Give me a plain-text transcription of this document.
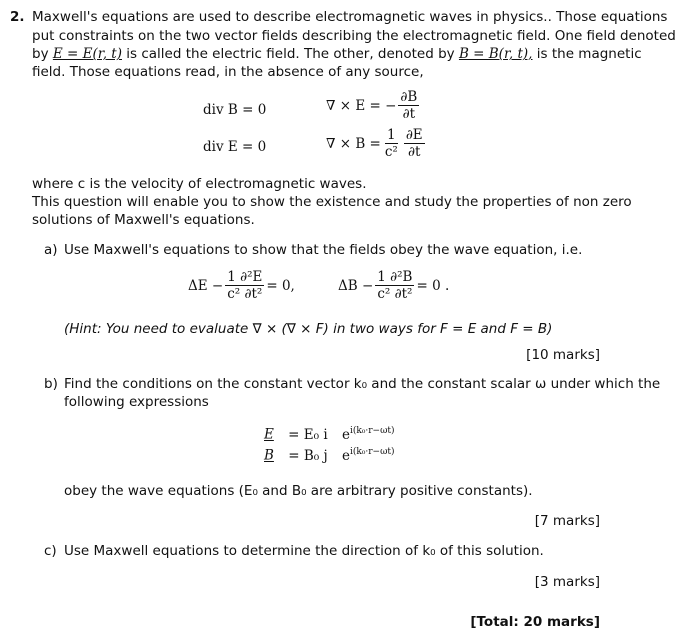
2. Maxwell's equations are used to describe electromagnetic waves in physics.. Those equations
put constraints on the two vector fields describing the electromagnetic field. One field denoted
by E = E(r, t) is called the electric field. The other, denoted by B = B(r, t), is the magnetic
field. Those equations read, in the absence of any source,
div B = 0	∇ × E = − $\frac{\partial B}{\partial t}$
div E = 0	∇ × $B = \frac{1}{\text{c²}} \frac{\partial E}{\partial t}$
where c is the velocity of electromagnetic waves.
This question will enable you to show the existence and study the properties of non zero
solutions of Maxwell's equations.
a) Use Maxwell's equations to show that the fields obey the wave equation, i.e.
$\Delta E - \frac{\text{1 ∂²E}}{\text{c² ∂t²}} = 0$,	$\Delta B - \frac{\text{1 ∂²B}}{\text{c² ∂t²}} = 0$ .
(Hint: You need to evaluate ∇ × (∇ × F) in two ways for F = E and F = B)
[10 marks]
b) Find the conditions on the constant vector k₀ and the constant scalar ω under which the
following expressions
E = E₀ i $e^{i(k_0\cdot r-\omega t)}$
B = B₀ j $e^{i(k_0\cdot r-\omega t)}$
obey the wave equations (E₀ and B₀ are arbitrary positive constants).
[7 marks]
c) Use Maxwell equations to determine the direction of k₀ of this solution.
[3 marks]
[Total: 20 marks]
